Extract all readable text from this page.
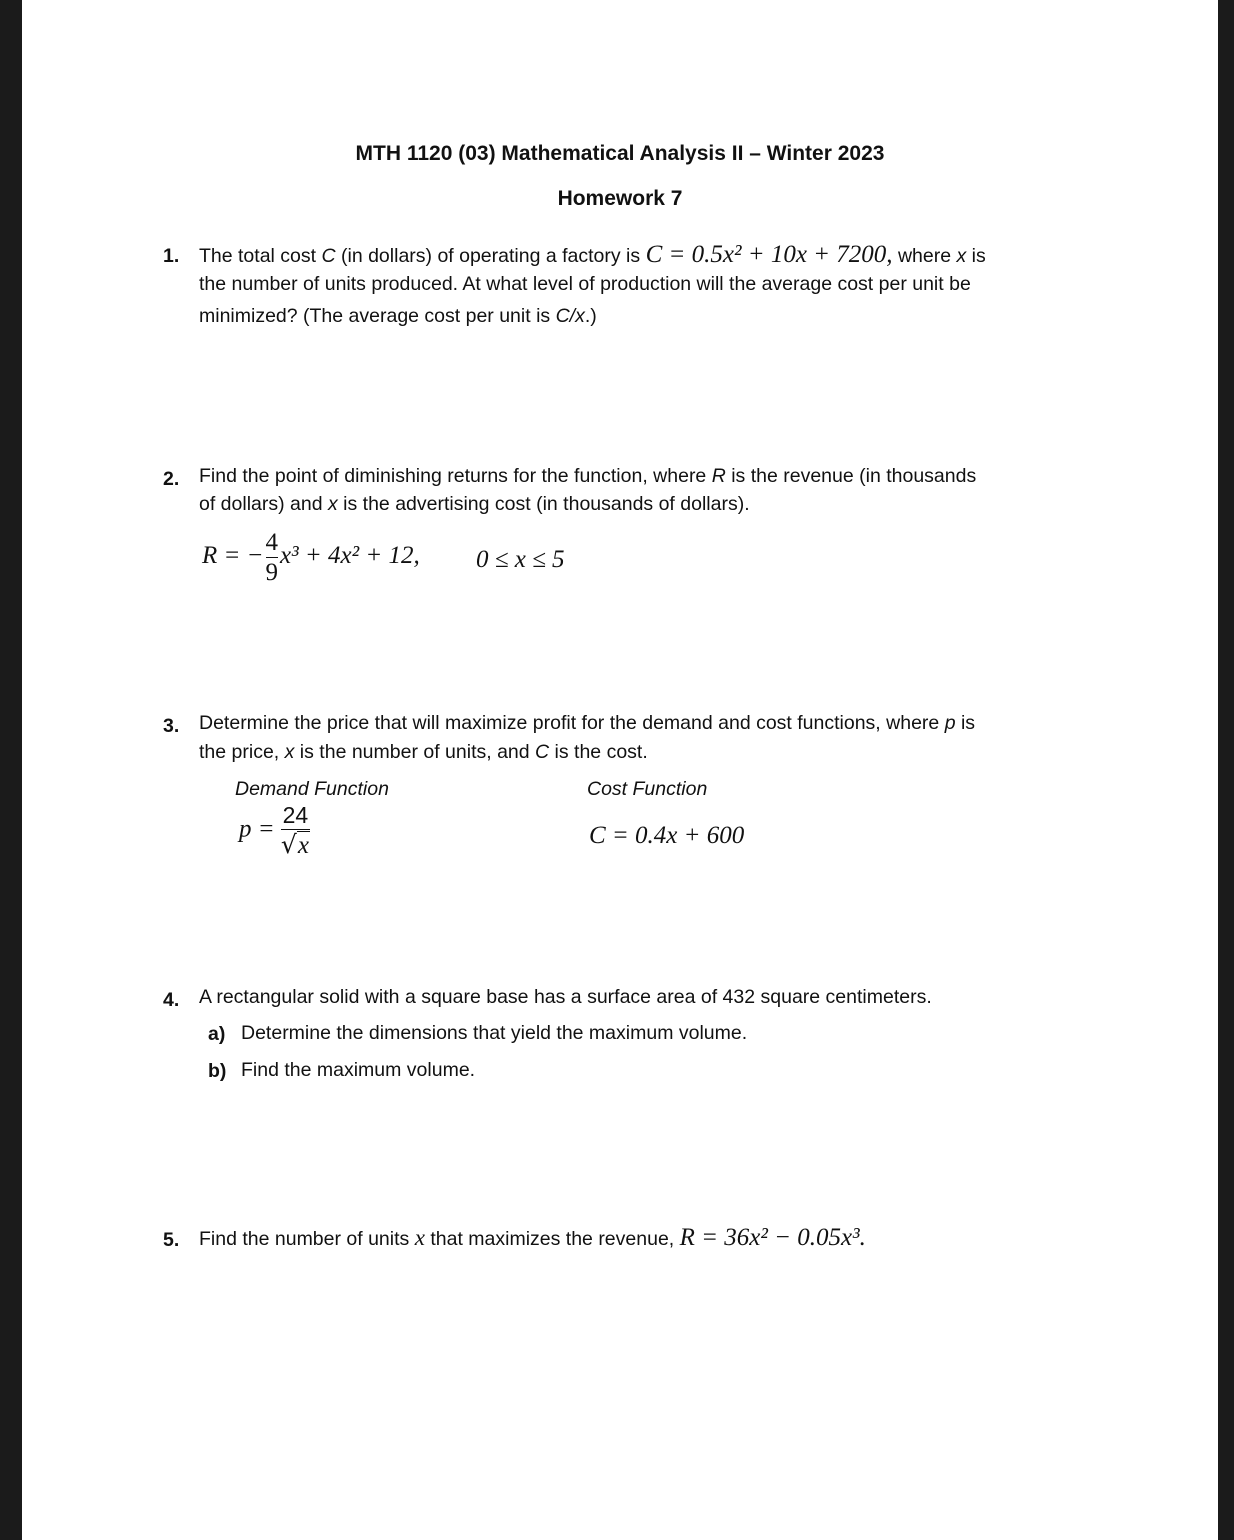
MTH 1120 (03) Mathematical Analysis II – Winter 2023
Homework 7
1. The total cost C (in dollars) of operating a factory is C = 0.5x² + 10x + 7200, where x is
the number of units produced. At what level of production will the average cost per unit be
minimized? (The average cost per unit is C/x.)
2. Find the point of diminishing returns for the function, where R is the revenue (in thousands
of dollars) and x is the advertising cost (in thousands of dollars).
R = − $\frac{4}{9} x^3 + 4x^2 + 12$, 0 ≤ x ≤ 5
3. Determine the price that will maximize profit for the demand and cost functions, where p is
the price, x is the number of units, and C is the cost.
Demand Function	Cost Function
$p = \frac{24}{√x}$	C = 0.4x + 600
4. A rectangular solid with a square base has a surface area of 432 square centimeters.
a) Determine the dimensions that yield the maximum volume.
b) Find the maximum volume.
5. Find the number of units x that maximizes the revenue, R = 36x² − 0.05x³.
